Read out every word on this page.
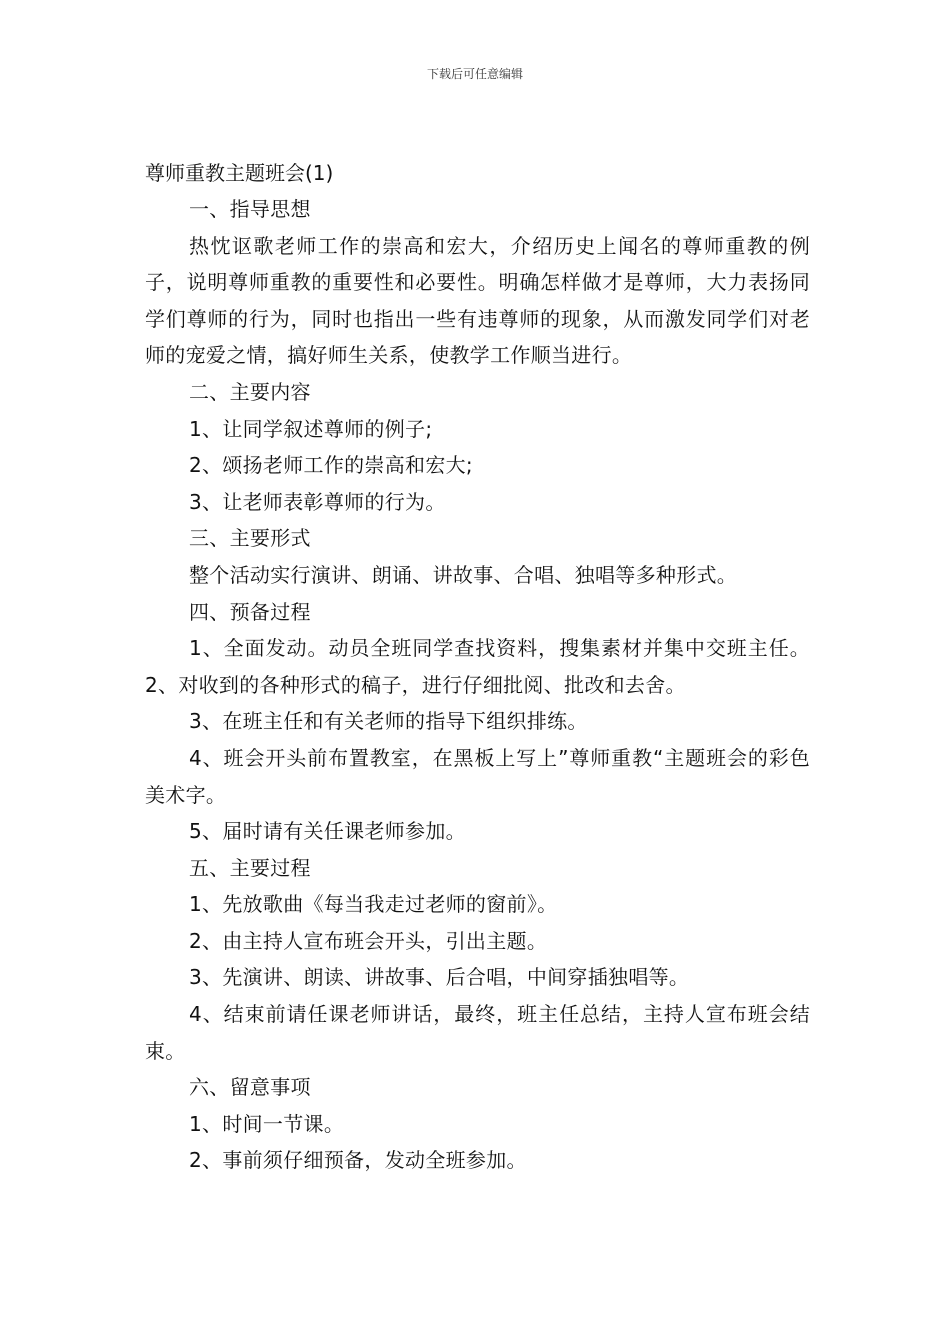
下载后可任意编辑

尊师重教主题班会(1)

一、指导思想

热忱讴歌老师工作的崇高和宏大，介绍历史上闻名的尊师重教的例子，说明尊师重教的重要性和必要性。明确怎样做才是尊师，大力表扬同学们尊师的行为，同时也指出一些有违尊师的现象，从而激发同学们对老师的宠爱之情，搞好师生关系，使教学工作顺当进行。

二、主要内容

1、让同学叙述尊师的例子;

2、颂扬老师工作的崇高和宏大;

3、让老师表彰尊师的行为。

三、主要形式

整个活动实行演讲、朗诵、讲故事、合唱、独唱等多种形式。

四、预备过程

1、全面发动。动员全班同学查找资料，搜集素材并集中交班主任。2、对收到的各种形式的稿子，进行仔细批阅、批改和去舍。

3、在班主任和有关老师的指导下组织排练。

4、班会开头前布置教室，在黑板上写上”尊师重教“主题班会的彩色美术字。

5、届时请有关任课老师参加。

五、主要过程

1、先放歌曲《每当我走过老师的窗前》。

2、由主持人宣布班会开头，引出主题。

3、先演讲、朗读、讲故事、后合唱，中间穿插独唱等。

4、结束前请任课老师讲话，最终，班主任总结，主持人宣布班会结束。

六、留意事项

1、时间一节课。

2、事前须仔细预备，发动全班参加。
